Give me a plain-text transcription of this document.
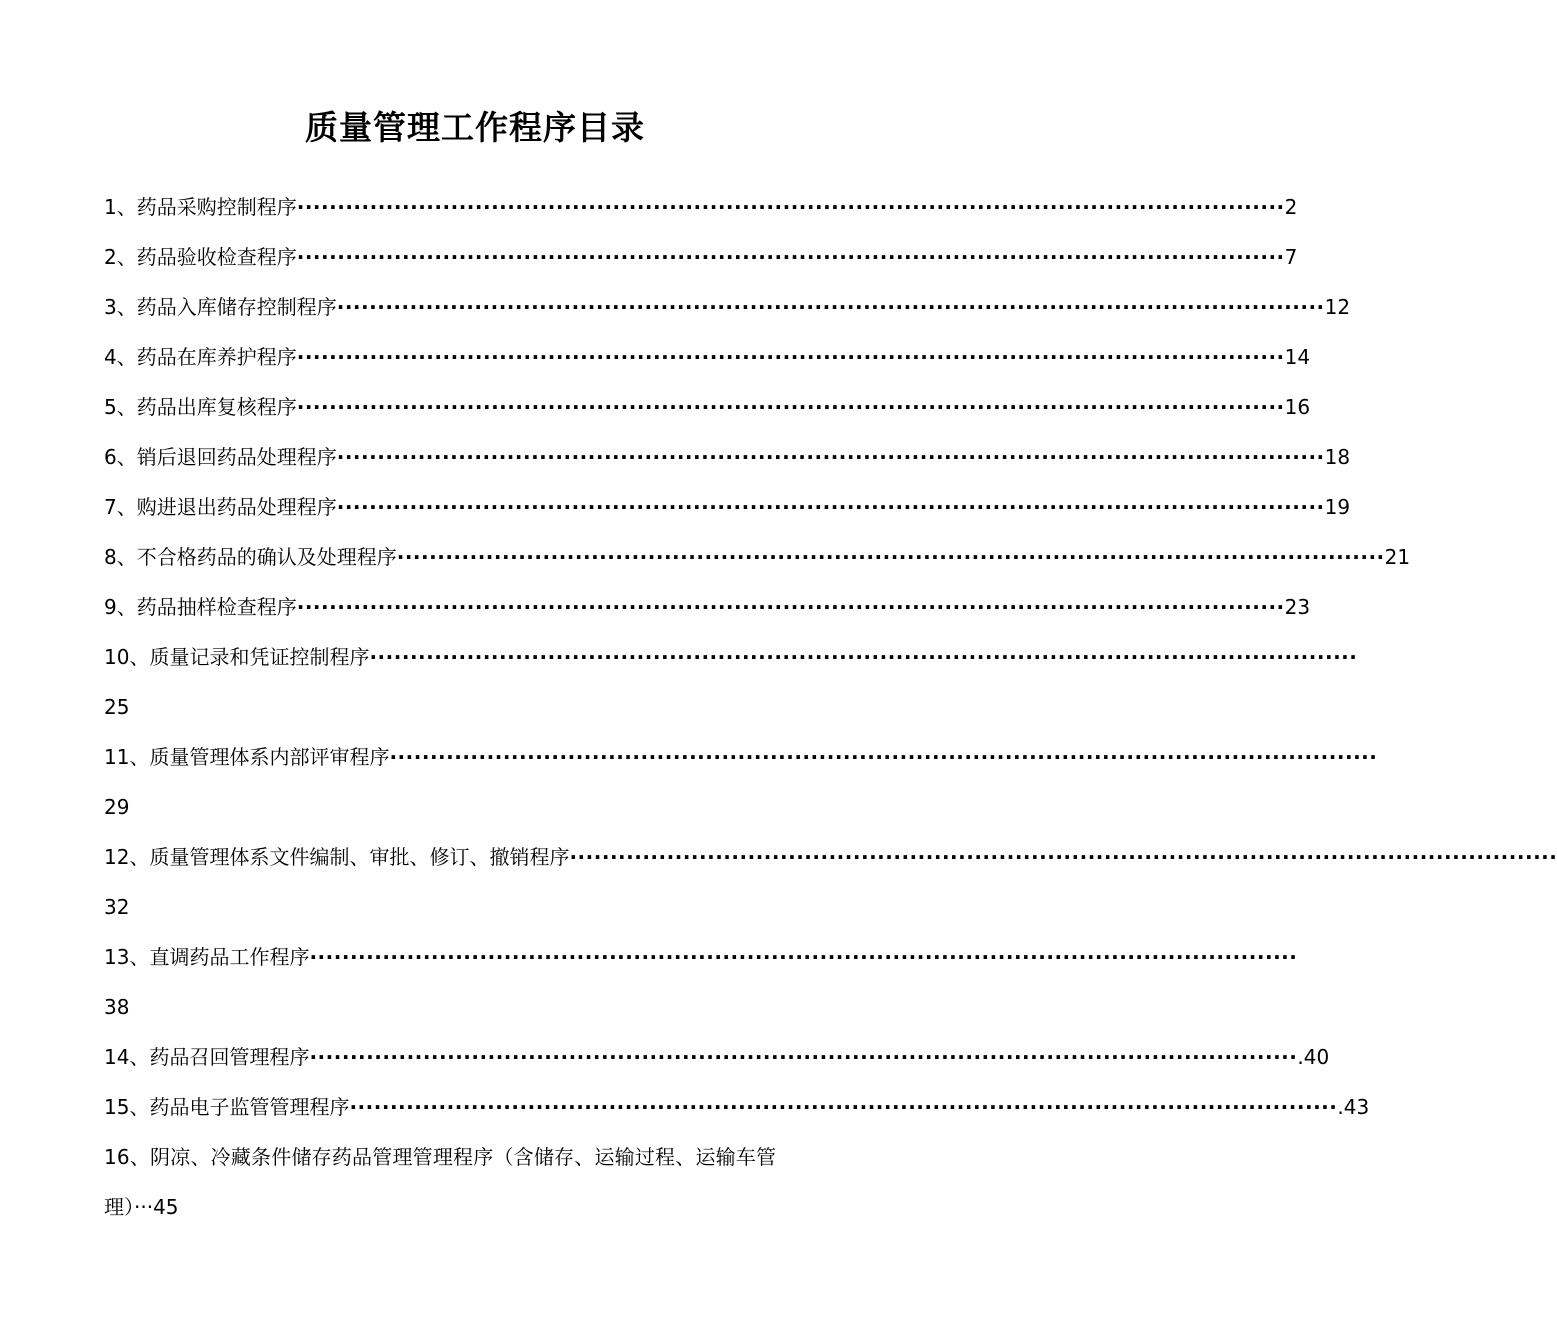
质量管理工作程序目录
1、药品采购控制程序 ·························································································································· 2
2、药品验收检查程序 ·························································································································· 7
3、药品入库储存控制程序 ·························································································································· 12
4、药品在库养护程序 ·························································································································· 14
5、药品出库复核程序 ·························································································································· 16
6、销后退回药品处理程序 ·························································································································· 18
7、购进退出药品处理程序 ·························································································································· 19
8、不合格药品的确认及处理程序 ·························································································································· 21
9、药品抽样检查程序 ·························································································································· 23
10、质量记录和凭证控制程序 ··························································································································
25
11、质量管理体系内部评审程序 ··························································································································
29
12、质量管理体系文件编制、审批、修订、撤销程序 ··························································································································
32
13、直调药品工作程序 ··························································································································
38
14、药品召回管理程序 ·························································································································· .40
15、药品电子监管管理程序 ·························································································································· .43
16、阴凉、冷藏条件储存药品管理管理程序（含储存、运输过程、运输车管
理）···45
